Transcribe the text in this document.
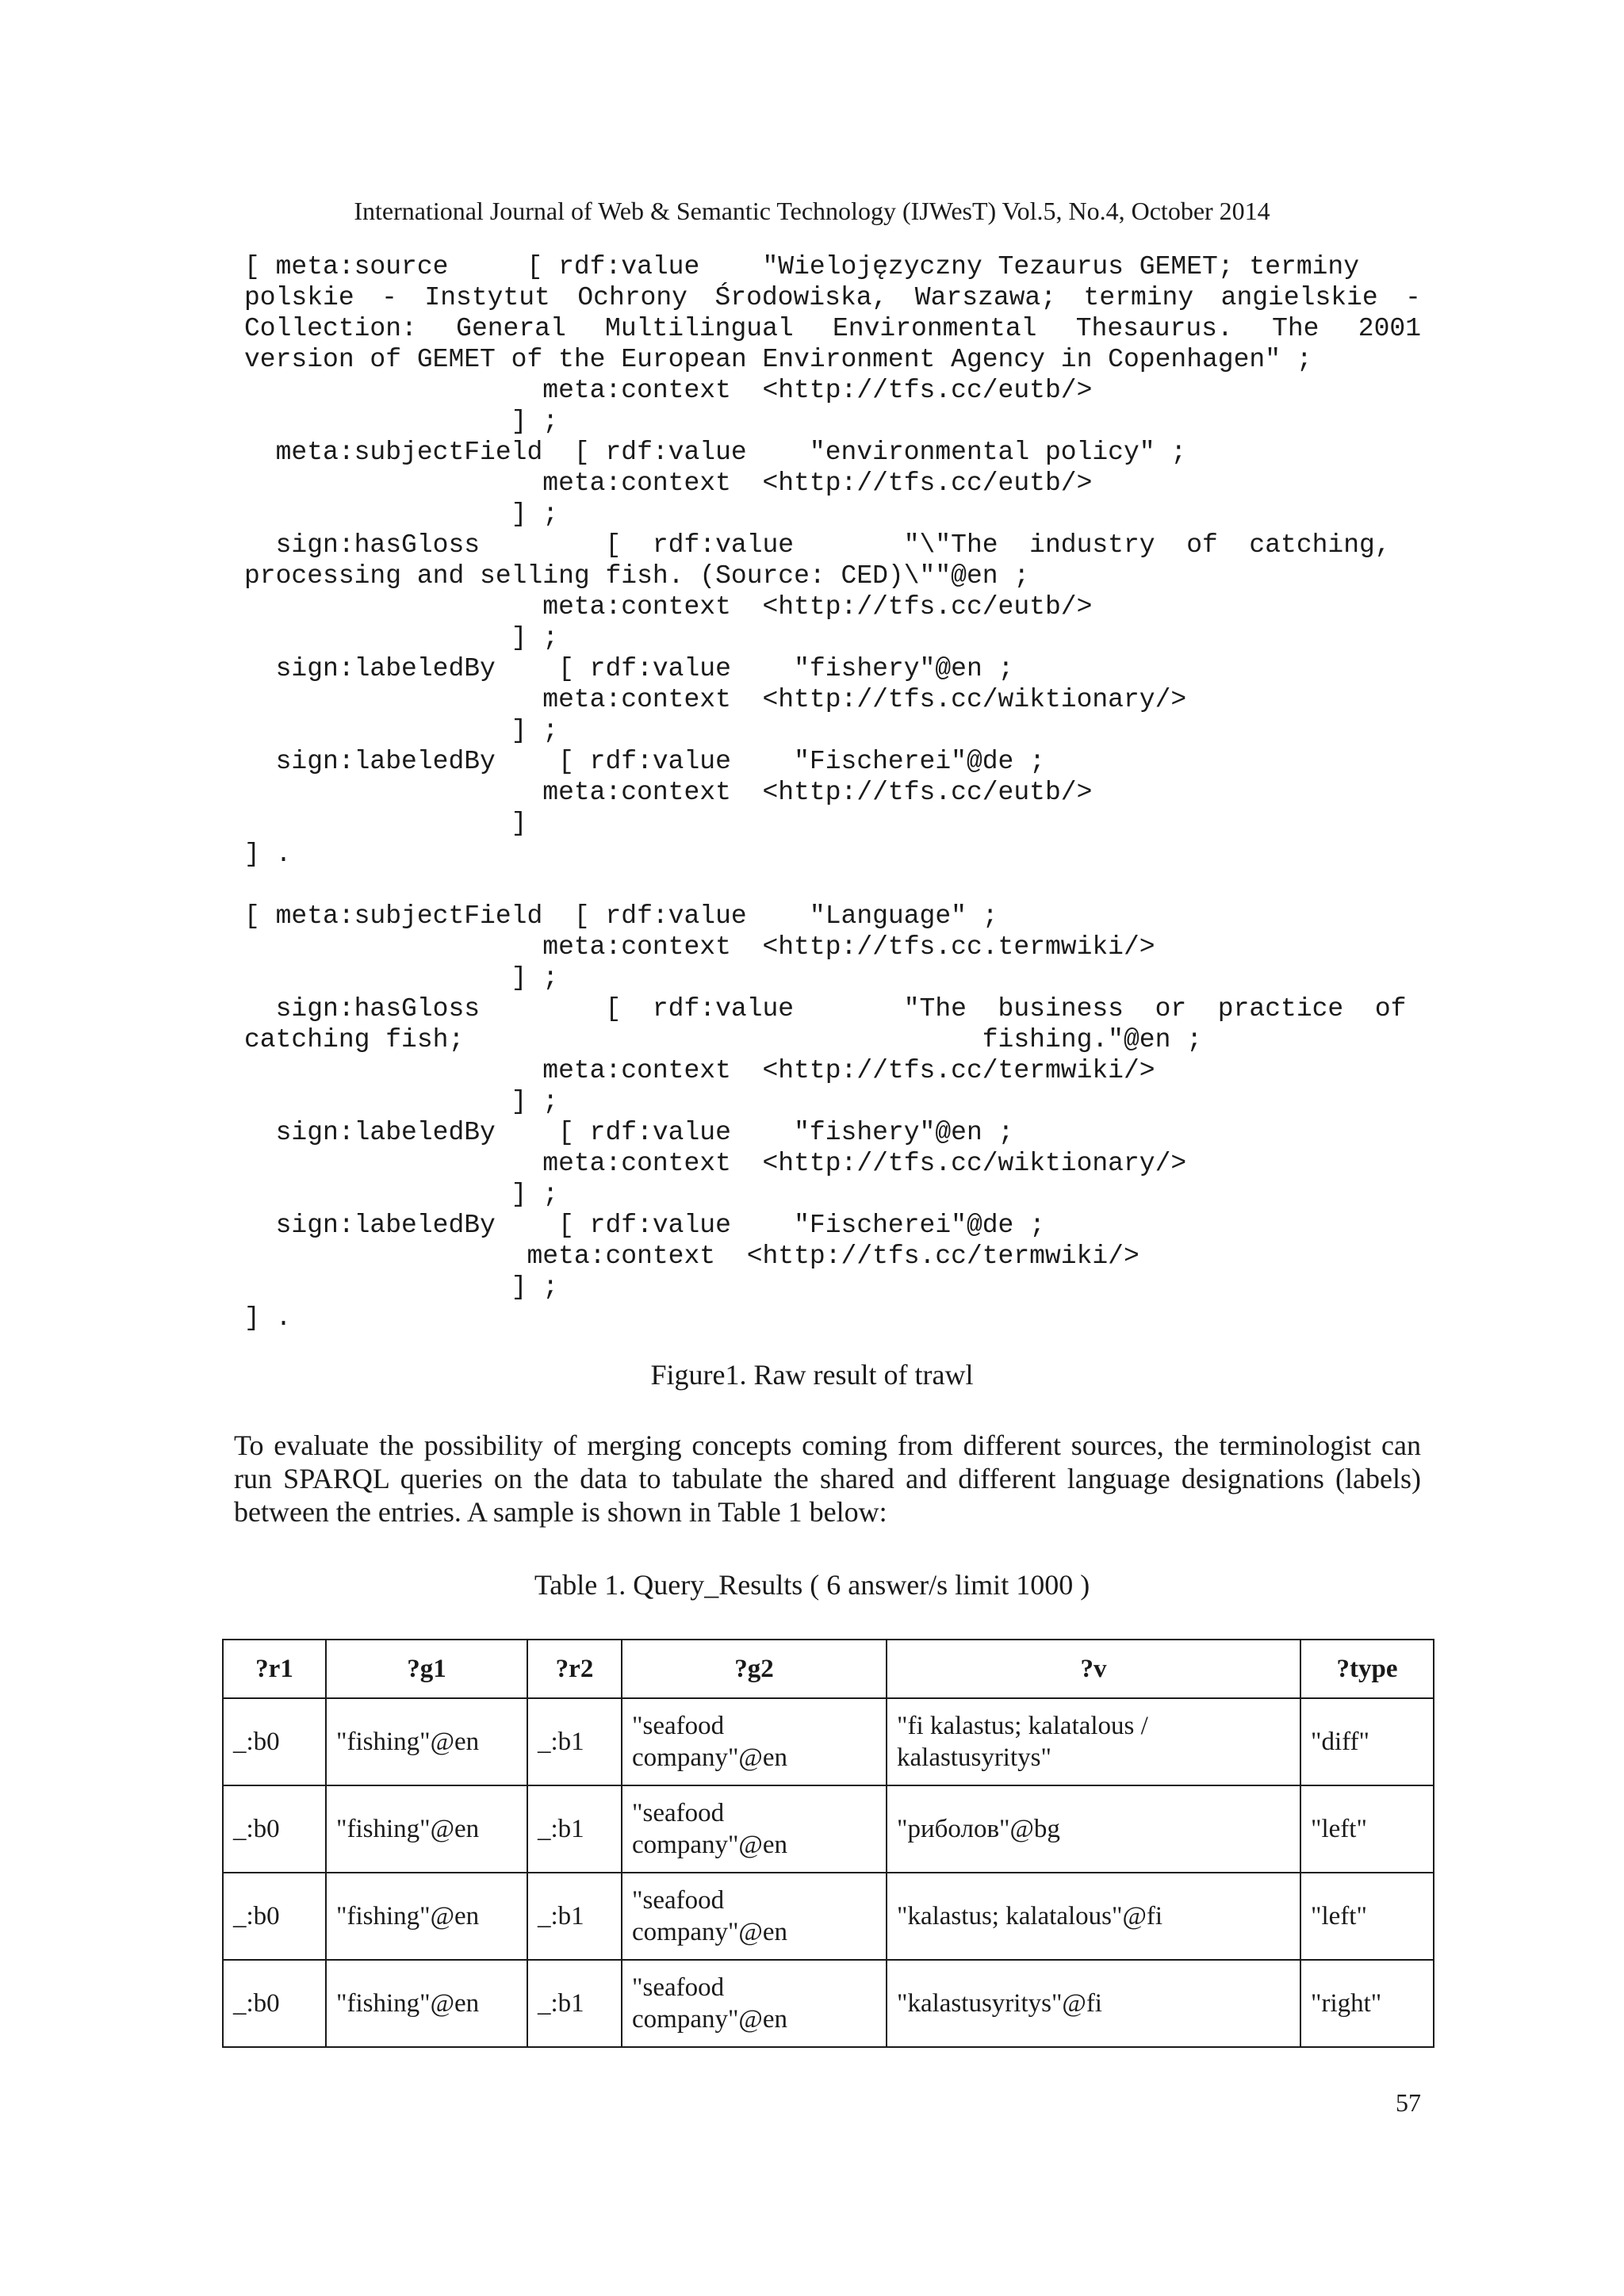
International Journal of Web & Semantic Technology (IJWesT) Vol.5, No.4, October 2014
[ meta:source     [ rdf:value    "Wielojęzyczny Tezaurus GEMET; terminy
polskie - Instytut Ochrony Środowiska, Warszawa; terminy angielskie -
Collection: General Multilingual Environmental Thesaurus. The 2001
version of GEMET of the European Environment Agency in Copenhagen" ;
meta:context  <http://tfs.cc/eutb/>
] ;
meta:subjectField  [ rdf:value    "environmental policy" ;
meta:context  <http://tfs.cc/eutb/>
] ;
sign:hasGloss        [  rdf:value       "\"The  industry  of  catching,
processing and selling fish. (Source: CED)\""@en ;
meta:context  <http://tfs.cc/eutb/>
] ;
sign:labeledBy    [ rdf:value    "fishery"@en ;
meta:context  <http://tfs.cc/wiktionary/>
] ;
sign:labeledBy    [ rdf:value    "Fischerei"@de ;
meta:context  <http://tfs.cc/eutb/>
]
] .
[ meta:subjectField  [ rdf:value    "Language" ;
meta:context  <http://tfs.cc.termwiki/>
] ;
sign:hasGloss        [  rdf:value       "The  business  or  practice  of
catching fish;                                 fishing."@en ;
meta:context  <http://tfs.cc/termwiki/>
] ;
sign:labeledBy    [ rdf:value    "fishery"@en ;
meta:context  <http://tfs.cc/wiktionary/>
] ;
sign:labeledBy    [ rdf:value    "Fischerei"@de ;
meta:context  <http://tfs.cc/termwiki/>
] ;
] .
Figure1. Raw result of trawl

To evaluate the possibility of merging concepts coming from different sources, the terminologist can run SPARQL queries on the data to tabulate the shared and different language designations (labels) between the entries. A sample is shown in Table 1 below:

Table 1. Query_Results ( 6 answer/s limit 1000 )
?r1	?g1	?r2	?g2	?v	?type
_:b0	"fishing"@en	_:b1	"seafood company"@en	"fi kalastus; kalatalous / kalastusyritys"	"diff"
_:b0	"fishing"@en	_:b1	"seafood company"@en	"риболов"@bg	"left"
_:b0	"fishing"@en	_:b1	"seafood company"@en	"kalastus; kalatalous"@fi	"left"
_:b0	"fishing"@en	_:b1	"seafood company"@en	"kalastusyritys"@fi	"right"
57
